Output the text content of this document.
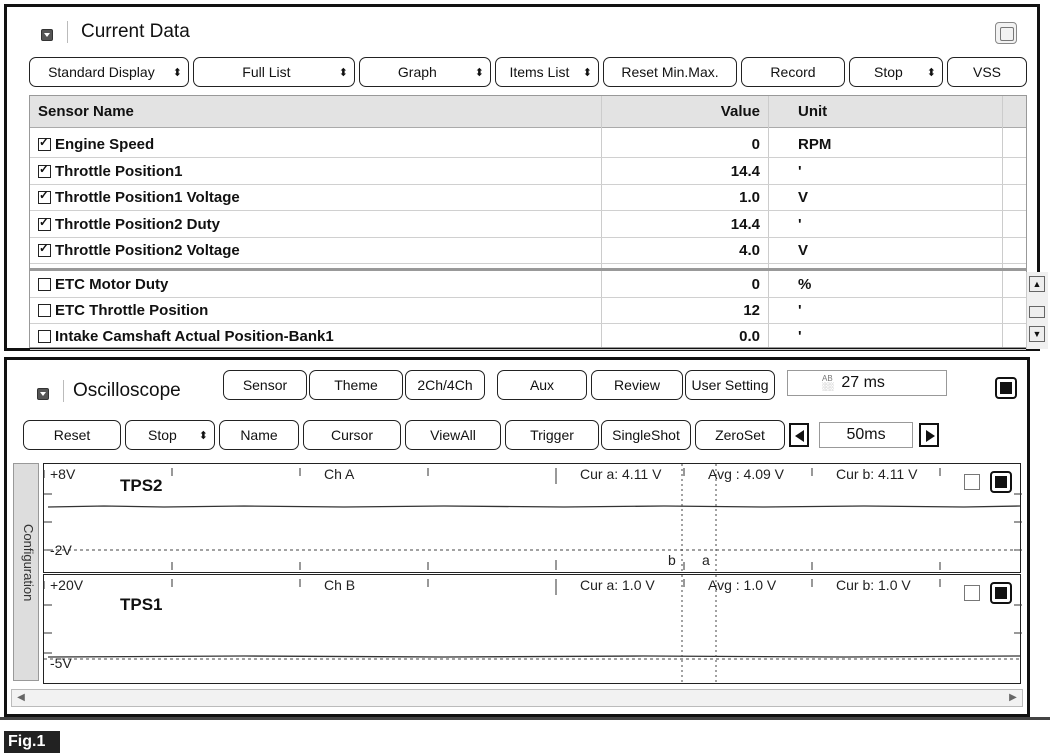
Current Data
Standard Display	⬍	Full List	⬍	Graph	⬍	Items List	⬍	Reset Min.Max.	Record	Stop	⬍	VSS
Sensor Name	Value	Unit
✓
Engine Speed	0	RPM
✓
Throttle Position1	14.4	'
✓
Throttle Position1 Voltage	1.0	V
✓
Throttle Position2 Duty	14.4	'
✓
Throttle Position2 Voltage	4.0	V
ETC Motor Duty	0	%
ETC Throttle Position	12	'
Intake Camshaft Actual Position-Bank1	0.0	'
▲
▼
Oscilloscope	Sensor	Theme	2Ch/4Ch	Aux	Review	User Setting	AB
░░ 27 ms
Reset	Stop	⬍	Name	Cursor	ViewAll	Trigger	SingleShot	ZeroSet	50ms
Configuration
+8V
TPS2
Ch A	Cur a: 4.11 V	Avg : 4.09 V	Cur b: 4.11 V
-2V
b a
+20V
TPS1
Ch B	Cur a: 1.0 V	Avg : 1.0 V	Cur b: 1.0 V
-5V
◀	▶
Fig.1
